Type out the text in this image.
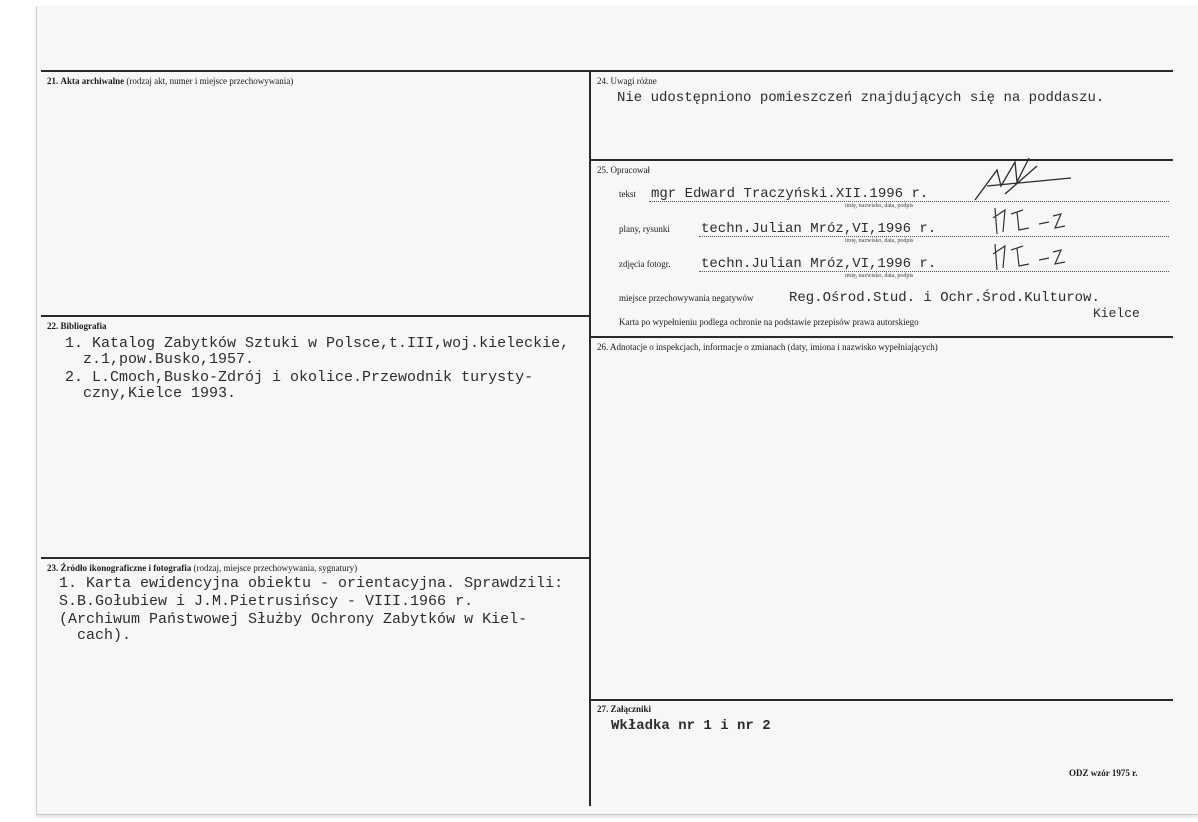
21. Akta archiwalne (rodzaj akt, numer i miejsce przechowywania)
22. Bibliografia
1. Katalog Zabytków Sztuki w Polsce,t.III,woj.kieleckie,
z.1,pow.Busko,1957.
2. L.Cmoch,Busko-Zdrój i okolice.Przewodnik turysty-
czny,Kielce 1993.
23. Źródło ikonograficzne i fotografia (rodzaj, miejsce przechowywania, sygnatury)
1. Karta ewidencyjna obiektu - orientacyjna. Sprawdzili:
S.B.Gołubiew i J.M.Pietrusińscy - VIII.1966 r.
(Archiwum Państwowej Służby Ochrony Zabytków w Kiel-
cach).
24. Uwagi różne
Nie udostępniono pomieszczeń znajdujących się na poddaszu.
25. Opracował
tekst mgr Edward Traczyński.XII.1996 r.
imię, nazwisko, data, podpis
plany, rysunki techn.Julian Mróz,VI,1996 r.
imię, nazwisko, data, podpis
zdjęcia fotogr. techn.Julian Mróz,VI,1996 r.
imię, nazwisko, data, podpis
miejsce przechowywania negatywów	Reg.Ośrod.Stud. i Ochr.Środ.Kulturow.
Kielce
Karta po wypełnieniu podlega ochronie na podstawie przepisów prawa autorskiego
26. Adnotacje o inspekcjach, informacje o zmianach (daty, imiona i nazwisko wypełniających)
27. Załączniki
Wkładka nr 1 i nr 2
ODZ wzór 1975 r.
